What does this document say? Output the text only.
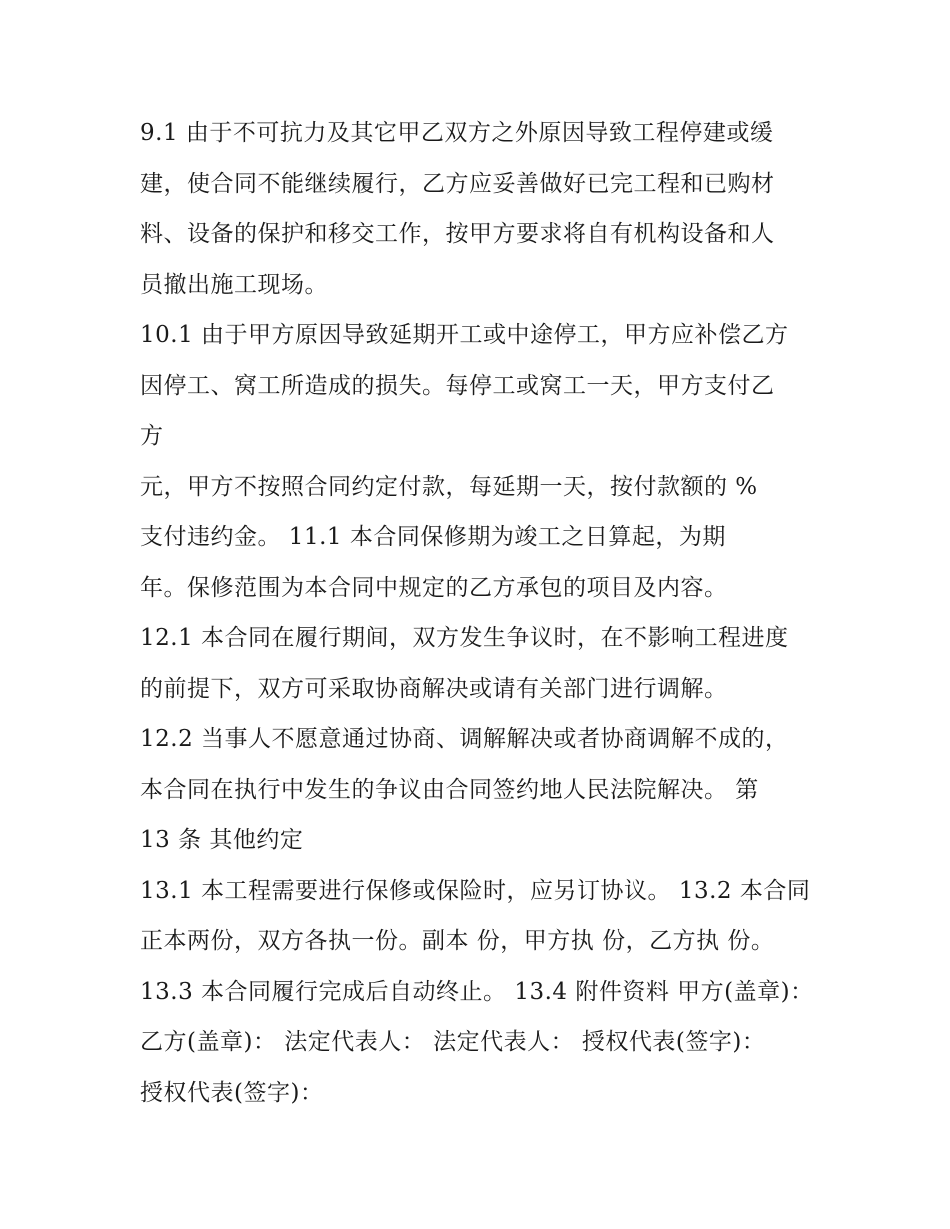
9.1 由于不可抗力及其它甲乙双方之外原因导致工程停建或缓
建，使合同不能继续履行，乙方应妥善做好已完工程和已购材
料、设备的保护和移交工作，按甲方要求将自有机构设备和人
员撤出施工现场。
10.1 由于甲方原因导致延期开工或中途停工，甲方应补偿乙方
因停工、窝工所造成的损失。每停工或窝工一天，甲方支付乙
方
元，甲方不按照合同约定付款，每延期一天，按付款额的 %
支付违约金。 11.1 本合同保修期为竣工之日算起，为期
年。保修范围为本合同中规定的乙方承包的项目及内容。
12.1 本合同在履行期间，双方发生争议时，在不影响工程进度
的前提下，双方可采取协商解决或请有关部门进行调解。
12.2 当事人不愿意通过协商、调解解决或者协商调解不成的，
本合同在执行中发生的争议由合同签约地人民法院解决。 第
13 条 其他约定
13.1 本工程需要进行保修或保险时，应另订协议。 13.2 本合同
正本两份，双方各执一份。副本 份，甲方执 份，乙方执 份。
13.3 本合同履行完成后自动终止。 13.4 附件资料 甲方(盖章)：
乙方(盖章)： 法定代表人： 法定代表人： 授权代表(签字)：
授权代表(签字)：
